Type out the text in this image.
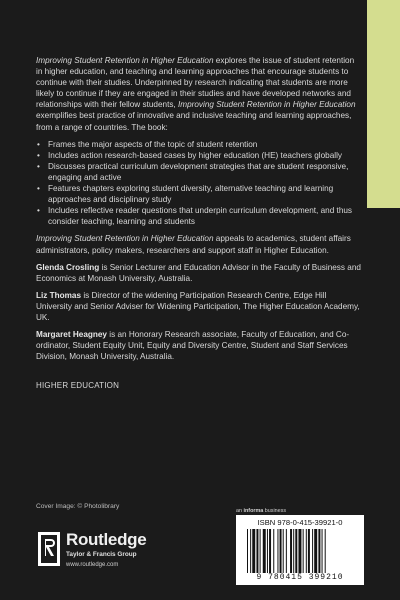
Improving Student Retention in Higher Education explores the issue of student retention in higher education, and teaching and learning approaches that encourage students to continue with their studies. Underpinned by research indicating that students are more likely to continue if they are engaged in their studies and have developed networks and relationships with their fellow students, Improving Student Retention in Higher Education exemplifies best practice of innovative and inclusive teaching and learning approaches, from a range of countries. The book:

• Frames the major aspects of the topic of student retention
• Includes action research-based cases by higher education (HE) teachers globally
• Discusses practical curriculum development strategies that are student responsive, engaging and active
• Features chapters exploring student diversity, alternative teaching and learning approaches and disciplinary study
• Includes reflective reader questions that underpin curriculum development, and thus consider teaching, learning and students

Improving Student Retention in Higher Education appeals to academics, student affairs administrators, policy makers, researchers and support staff in Higher Education.

Glenda Crosling is Senior Lecturer and Education Advisor in the Faculty of Business and Economics at Monash University, Australia.

Liz Thomas is Director of the widening Participation Research Centre, Edge Hill University and Senior Adviser for Widening Participation, The Higher Education Academy, UK.

Margaret Heagney is an Honorary Research associate, Faculty of Education, and Co-ordinator, Student Equity Unit, Equity and Diversity Centre, Student and Staff Services Division, Monash University, Australia.

HIGHER EDUCATION
Cover Image: © Photolibrary
Routledge
Taylor & Francis Group
www.routledge.com
an informa business
ISBN 978-0-415-39921-0
9 780415 399210
